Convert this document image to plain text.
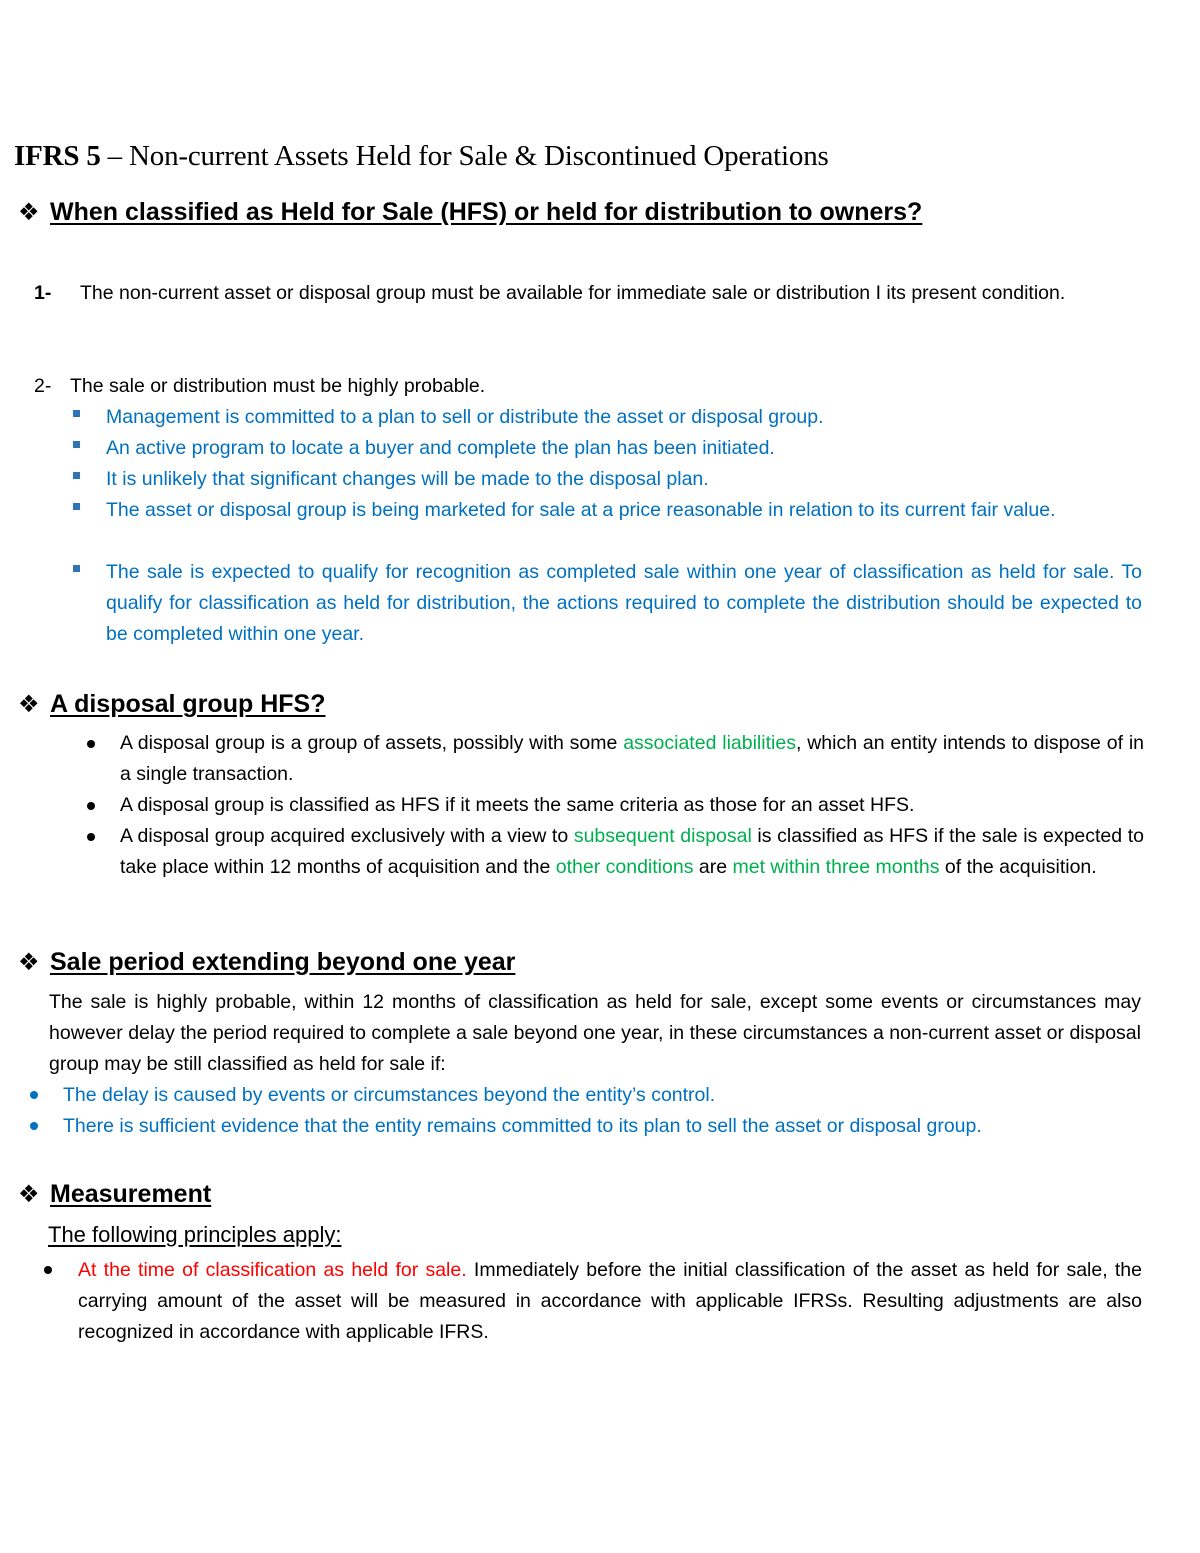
IFRS 5 – Non-current Assets Held for Sale & Discontinued Operations
❖ When classified as Held for Sale (HFS) or held for distribution to owners?
1-	The non-current asset or disposal group must be available for immediate sale or distribution I its present condition.
2- The sale or distribution must be highly probable.
Management is committed to a plan to sell or distribute the asset or disposal group.
An active program to locate a buyer and complete the plan has been initiated.
It is unlikely that significant changes will be made to the disposal plan.
The asset or disposal group is being marketed for sale at a price reasonable in relation to its current fair value.
The sale is expected to qualify for recognition as completed sale within one year of classification as held for sale. To qualify for classification as held for distribution, the actions required to complete the distribution should be expected to be completed within one year.
❖ A disposal group HFS?
A disposal group is a group of assets, possibly with some associated liabilities, which an entity intends to dispose of in a single transaction.
A disposal group is classified as HFS if it meets the same criteria as those for an asset HFS.
A disposal group acquired exclusively with a view to subsequent disposal is classified as HFS if the sale is expected to take place within 12 months of acquisition and the other conditions are met within three months of the acquisition.
❖ Sale period extending beyond one year
The sale is highly probable, within 12 months of classification as held for sale, except some events or circumstances may however delay the period required to complete a sale beyond one year, in these circumstances a non-current asset or disposal group may be still classified as held for sale if:
The delay is caused by events or circumstances beyond the entity’s control.
There is sufficient evidence that the entity remains committed to its plan to sell the asset or disposal group.
❖ Measurement
The following principles apply:
At the time of classification as held for sale. Immediately before the initial classification of the asset as held for sale, the carrying amount of the asset will be measured in accordance with applicable IFRSs. Resulting adjustments are also recognized in accordance with applicable IFRS.
